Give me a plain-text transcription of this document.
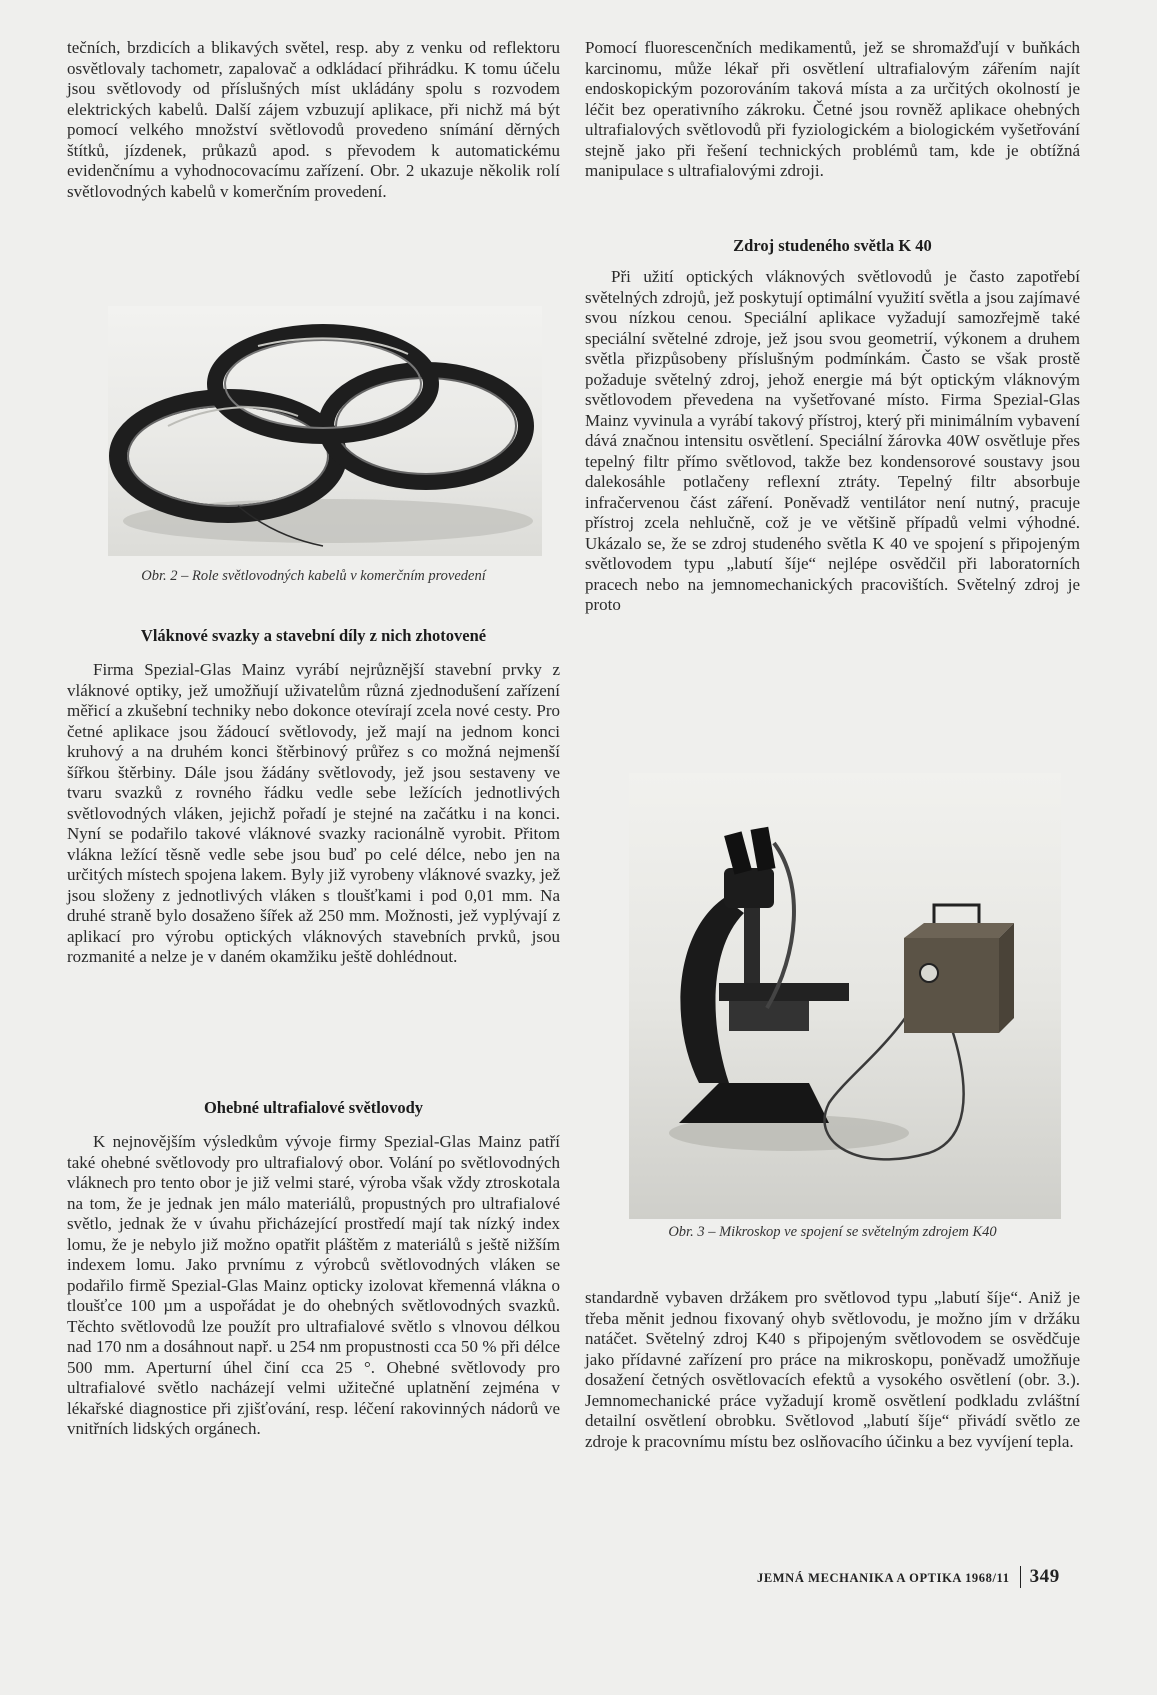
tečních, brzdicích a blikavých světel, resp. aby z venku od reflektoru osvětlovaly tachometr, zapalovač a odkládací přihrádku. K tomu účelu jsou světlovody od příslušných míst ukládány spolu s rozvodem elektrických kabelů. Další zájem vzbuzují aplikace, při nichž má být pomocí velkého množství světlovodů provedeno snímání děrných štítků, jízdenek, průkazů apod. s převodem k automatickému evidenčnímu a vyhodnocovacímu zařízení. Obr. 2 ukazuje několik rolí světlovodných kabelů v komerčním provedení.

Obr. 2 – Role světlovodných kabelů v komerčním provedení
Vláknové svazky a stavební díly z nich zhotovené

Firma Spezial-Glas Mainz vyrábí nejrůznější stavební prvky z vláknové optiky, jež umožňují uživatelům různá zjednodušení zařízení měřicí a zkušební techniky nebo dokonce otevírají zcela nové cesty. Pro četné aplikace jsou žádoucí světlovody, jež mají na jednom konci kruhový a na druhém konci štěrbinový průřez s co možná nejmenší šířkou štěrbiny. Dále jsou žádány světlovody, jež jsou sestaveny ve tvaru svazků z rovného řádku vedle sebe ležících jednotlivých světlovodných vláken, jejichž pořadí je stejné na začátku i na konci. Nyní se podařilo takové vláknové svazky racionálně vyrobit. Přitom vlákna ležící těsně vedle sebe jsou buď po celé délce, nebo jen na určitých místech spojena lakem. Byly již vyrobeny vláknové svazky, jež jsou složeny z jednotlivých vláken s tloušťkami i pod 0,01 mm. Na druhé straně bylo dosaženo šířek až 250 mm. Možnosti, jež vyplývají z aplikací pro výrobu optických vláknových stavebních prvků, jsou rozmanité a nelze je v daném okamžiku ještě dohlédnout.

Ohebné ultrafialové světlovody

K nejnovějším výsledkům vývoje firmy Spezial-Glas Mainz patří také ohebné světlovody pro ultrafialový obor. Volání po světlovodných vláknech pro tento obor je již velmi staré, výroba však vždy ztroskotala na tom, že je jednak jen málo materiálů, propustných pro ultrafialové světlo, jednak že v úvahu přicházející prostředí mají tak nízký index lomu, že je nebylo již možno opatřit pláštěm z materiálů s ještě nižším indexem lomu. Jako prvnímu z výrobců světlovodných vláken se podařilo firmě Spezial-Glas Mainz opticky izolovat křemenná vlákna o tloušťce 100 µm a uspořádat je do ohebných světlovodných svazků. Těchto světlovodů lze použít pro ultrafialové světlo s vlnovou délkou nad 170 nm a dosáhnout např. u 254 nm propustnosti cca 50 % při délce 500 mm. Aperturní úhel činí cca 25 °. Ohebné světlovody pro ultrafialové světlo nacházejí velmi užitečné uplatnění zejména v lékařské diagnostice při zjišťování, resp. léčení rakovinných nádorů ve vnitřních lidských orgánech.

Pomocí fluorescenčních medikamentů, jež se shromažďují v buňkách karcinomu, může lékař při osvětlení ultrafialovým zářením najít endoskopickým pozorováním taková místa a za určitých okolností je léčit bez operativního zákroku. Četné jsou rovněž aplikace ohebných ultrafialových světlovodů při fyziologickém a biologickém vyšetřování stejně jako při řešení technických problémů tam, kde je obtížná manipulace s ultrafialovými zdroji.

Zdroj studeného světla K 40

Při užití optických vláknových světlovodů je často zapotřebí světelných zdrojů, jež poskytují optimální využití světla a jsou zajímavé svou nízkou cenou. Speciální aplikace vyžadují samozřejmě také speciální světelné zdroje, jež jsou svou geometrií, výkonem a druhem světla přizpůsobeny příslušným podmínkám. Často se však prostě požaduje světelný zdroj, jehož energie má být optickým vláknovým světlovodem převedena na vyšetřované místo. Firma Spezial-Glas Mainz vyvinula a vyrábí takový přístroj, který při minimálním vybavení dává značnou intensitu osvětlení. Speciální žárovka 40W osvětluje přes tepelný filtr přímo světlovod, takže bez kondensorové soustavy jsou dalekosáhle potlačeny reflexní ztráty. Tepelný filtr absorbuje infračervenou část záření. Poněvadž ventilátor není nutný, pracuje přístroj zcela nehlučně, což je ve většině případů velmi výhodné. Ukázalo se, že se zdroj studeného světla K 40 ve spojení s připojeným světlovodem typu „labutí šíje“ nejlépe osvědčil při laboratorních pracech nebo na jemnomechanických pracovištích. Světelný zdroj je proto

Obr. 3 – Mikroskop ve spojení se světelným zdrojem K40

standardně vybaven držákem pro světlovod typu „labutí šíje“. Aniž je třeba měnit jednou fixovaný ohyb světlovodu, je možno jím v držáku natáčet. Světelný zdroj K40 s připojeným světlovodem se osvědčuje jako přídavné zařízení pro práce na mikroskopu, poněvadž umožňuje dosažení četných osvětlovacích efektů a vysokého osvětlení (obr. 3.). Jemnomechanické práce vyžadují kromě osvětlení podkladu zvláštní detailní osvětlení obrobku. Světlovod „labutí šíje“ přivádí světlo ze zdroje k pracovnímu místu bez oslňovacího účinku a bez vyvíjení tepla.

JEMNÁ MECHANIKA A OPTIKA 1968/11 349
